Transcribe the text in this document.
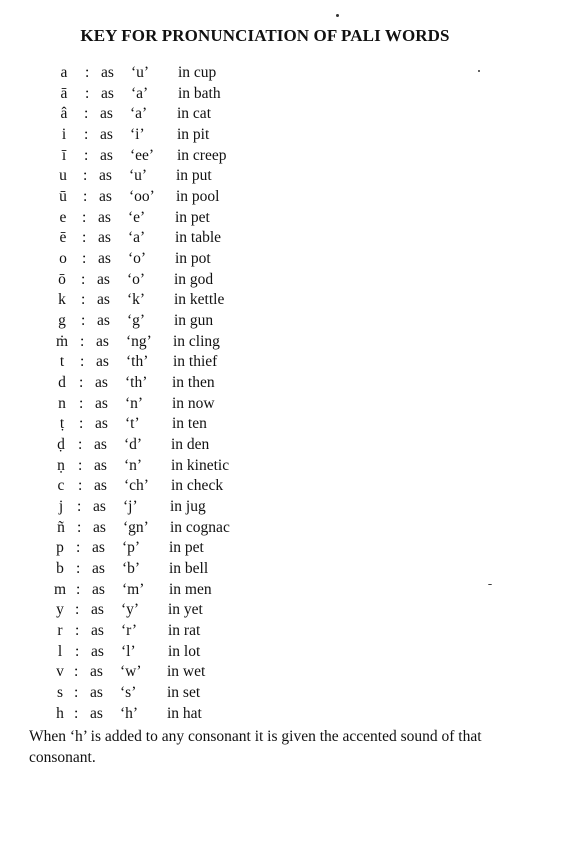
KEY FOR PRONUNCIATION OF PALI WORDS
a	: as	‘u’	in cup
ā	: as	‘a’	in bath
â	: as	‘a’	in cat
i	: as	‘i’	in pit
ī	: as	‘ee’	in creep
u	: as	‘u’	in put
ū	: as	‘oo’	in pool
e	: as	‘e’	in pet
ē	: as	‘a’	in table
o : as	‘o’	in pot
ō : as	‘o’	in god
k : as	‘k’	in kettle
g : as	‘g’	in gun
ṁ : as	‘ng’	in cling
t	: as	‘th’	in thief
d : as	‘th’	in then
n : as	‘n’	in now
ṭ : as	‘t’	in ten
ḍ : as	‘d’	in den
ṇ : as	‘n’	in kinetic
c : as	‘ch’	in check
j : as	‘j’	in jug
ñ : as	‘gn’	in cognac
p : as	‘p’	in pet
b : as	‘b’	in bell
m : as	‘m’	in men
y : as	‘y’	in yet
r : as	‘r’	in rat
l : as	‘l’	in lot
v : as	‘w’	in wet
s : as	‘s’	in set
h : as	‘h’	in hat
When ‘h’ is added to any consonant it is given the accented sound of that consonant.
